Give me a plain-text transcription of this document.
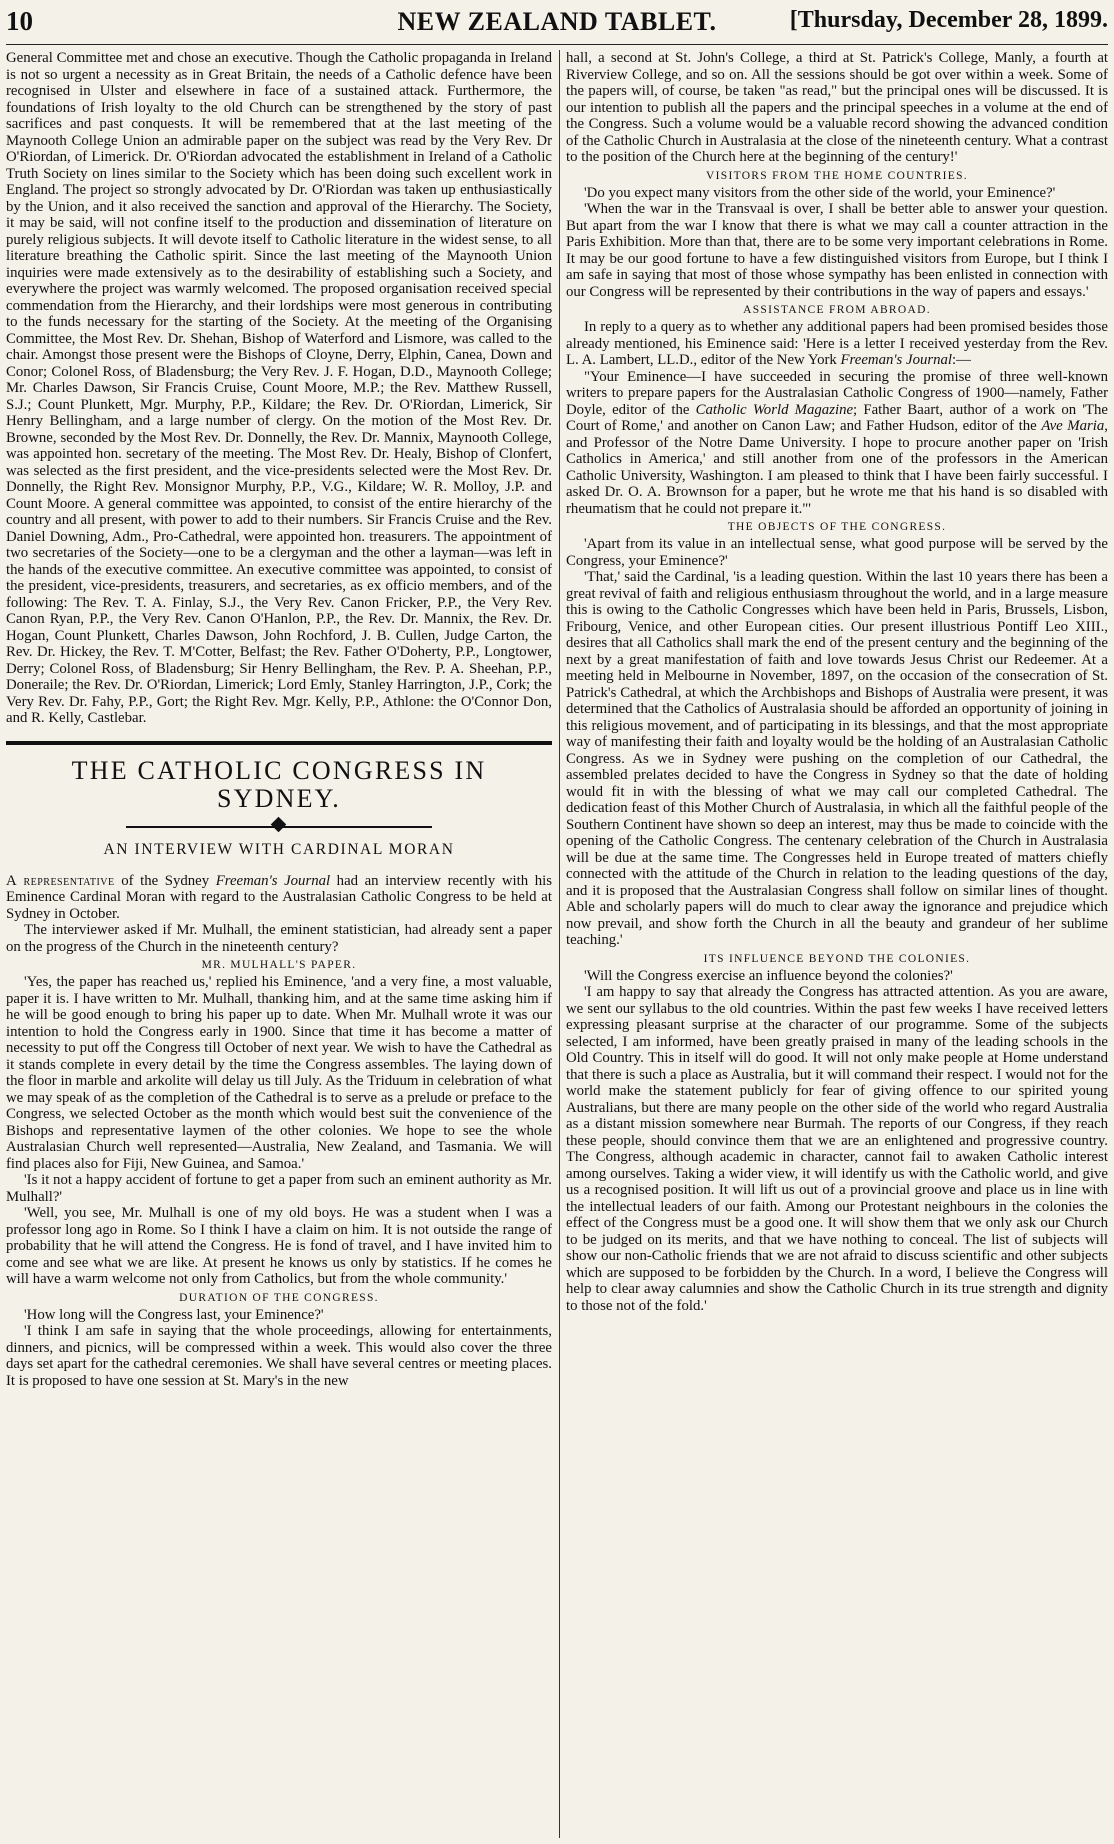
10	NEW ZEALAND TABLET.	[Thursday, December 28, 1899.

General Committee met and chose an executive. Though the Catholic propaganda in Ireland is not so urgent a necessity as in Great Britain, the needs of a Catholic defence have been recognised in Ulster and elsewhere in face of a sustained attack. Furthermore, the foundations of Irish loyalty to the old Church can be strengthened by the story of past sacrifices and past conquests. It will be remembered that at the last meeting of the Maynooth College Union an admirable paper on the subject was read by the Very Rev. Dr O'Riordan, of Limerick. Dr. O'Riordan advocated the establishment in Ireland of a Catholic Truth Society on lines similar to the Society which has been doing such excellent work in England. The project so strongly advocated by Dr. O'Riordan was taken up enthusiastically by the Union, and it also received the sanction and approval of the Hierarchy. The Society, it may be said, will not confine itself to the production and dissemination of literature on purely religious subjects. It will devote itself to Catholic literature in the widest sense, to all literature breathing the Catholic spirit. Since the last meeting of the Maynooth Union inquiries were made extensively as to the desirability of establishing such a Society, and everywhere the project was warmly welcomed. The proposed organisation received special commendation from the Hierarchy, and their lordships were most generous in contributing to the funds necessary for the starting of the Society. At the meeting of the Organising Committee, the Most Rev. Dr. Shehan, Bishop of Waterford and Lismore, was called to the chair. Amongst those present were the Bishops of Cloyne, Derry, Elphin, Canea, Down and Conor; Colonel Ross, of Bladensburg; the Very Rev. J. F. Hogan, D.D., Maynooth College; Mr. Charles Dawson, Sir Francis Cruise, Count Moore, M.P.; the Rev. Matthew Russell, S.J.; Count Plunkett, Mgr. Murphy, P.P., Kildare; the Rev. Dr. O'Riordan, Limerick, Sir Henry Bellingham, and a large number of clergy. On the motion of the Most Rev. Dr. Browne, seconded by the Most Rev. Dr. Donnelly, the Rev. Dr. Mannix, Maynooth College, was appointed hon. secretary of the meeting. The Most Rev. Dr. Healy, Bishop of Clonfert, was selected as the first president, and the vice-presidents selected were the Most Rev. Dr. Donnelly, the Right Rev. Monsignor Murphy, P.P., V.G., Kildare; W. R. Molloy, J.P. and Count Moore. A general committee was appointed, to consist of the entire hierarchy of the country and all present, with power to add to their numbers. Sir Francis Cruise and the Rev. Daniel Downing, Adm., Pro-Cathedral, were appointed hon. treasurers. The appointment of two secretaries of the Society—one to be a clergyman and the other a layman—was left in the hands of the executive committee. An executive committee was appointed, to consist of the president, vice-presidents, treasurers, and secretaries, as ex officio members, and of the following: The Rev. T. A. Finlay, S.J., the Very Rev. Canon Fricker, P.P., the Very Rev. Canon Ryan, P.P., the Very Rev. Canon O'Hanlon, P.P., the Rev. Dr. Mannix, the Rev. Dr. Hogan, Count Plunkett, Charles Dawson, John Rochford, J. B. Cullen, Judge Carton, the Rev. Dr. Hickey, the Rev. T. M'Cotter, Belfast; the Rev. Father O'Doherty, P.P., Longtower, Derry; Colonel Ross, of Bladensburg; Sir Henry Bellingham, the Rev. P. A. Sheehan, P.P., Doneraile; the Rev. Dr. O'Riordan, Limerick; Lord Emly, Stanley Harrington, J.P., Cork; the Very Rev. Dr. Fahy, P.P., Gort; the Right Rev. Mgr. Kelly, P.P., Athlone: the O'Connor Don, and R. Kelly, Castlebar.

THE CATHOLIC CONGRESS IN SYDNEY.
AN INTERVIEW WITH CARDINAL MORAN

A representative of the Sydney Freeman's Journal had an interview recently with his Eminence Cardinal Moran with regard to the Australasian Catholic Congress to be held at Sydney in October.

The interviewer asked if Mr. Mulhall, the eminent statistician, had already sent a paper on the progress of the Church in the nineteenth century?

MR. MULHALL'S PAPER.

'Yes, the paper has reached us,' replied his Eminence, 'and a very fine, a most valuable, paper it is. I have written to Mr. Mulhall, thanking him, and at the same time asking him if he will be good enough to bring his paper up to date. When Mr. Mulhall wrote it was our intention to hold the Congress early in 1900. Since that time it has become a matter of necessity to put off the Congress till October of next year. We wish to have the Cathedral as it stands complete in every detail by the time the Congress assembles. The laying down of the floor in marble and arkolite will delay us till July. As the Triduum in celebration of what we may speak of as the completion of the Cathedral is to serve as a prelude or preface to the Congress, we selected October as the month which would best suit the convenience of the Bishops and representative laymen of the other colonies. We hope to see the whole Australasian Church well represented—Australia, New Zealand, and Tasmania. We will find places also for Fiji, New Guinea, and Samoa.'

'Is it not a happy accident of fortune to get a paper from such an eminent authority as Mr. Mulhall?'

'Well, you see, Mr. Mulhall is one of my old boys. He was a student when I was a professor long ago in Rome. So I think I have a claim on him. It is not outside the range of probability that he will attend the Congress. He is fond of travel, and I have invited him to come and see what we are like. At present he knows us only by statistics. If he comes he will have a warm welcome not only from Catholics, but from the whole community.'

DURATION OF THE CONGRESS.

'How long will the Congress last, your Eminence?'

'I think I am safe in saying that the whole proceedings, allowing for entertainments, dinners, and picnics, will be compressed within a week. This would also cover the three days set apart for the cathedral ceremonies. We shall have several centres or meeting places. It is proposed to have one session at St. Mary's in the new

hall, a second at St. John's College, a third at St. Patrick's College, Manly, a fourth at Riverview College, and so on. All the sessions should be got over within a week. Some of the papers will, of course, be taken "as read," but the principal ones will be discussed. It is our intention to publish all the papers and the principal speeches in a volume at the end of the Congress. Such a volume would be a valuable record showing the advanced condition of the Catholic Church in Australasia at the close of the nineteenth century. What a contrast to the position of the Church here at the beginning of the century!'

VISITORS FROM THE HOME COUNTRIES.

'Do you expect many visitors from the other side of the world, your Eminence?'

'When the war in the Transvaal is over, I shall be better able to answer your question. But apart from the war I know that there is what we may call a counter attraction in the Paris Exhibition. More than that, there are to be some very important celebrations in Rome. It may be our good fortune to have a few distinguished visitors from Europe, but I think I am safe in saying that most of those whose sympathy has been enlisted in connection with our Congress will be represented by their contributions in the way of papers and essays.'

ASSISTANCE FROM ABROAD.

In reply to a query as to whether any additional papers had been promised besides those already mentioned, his Eminence said: 'Here is a letter I received yesterday from the Rev. L. A. Lambert, LL.D., editor of the New York Freeman's Journal:—

"Your Eminence—I have succeeded in securing the promise of three well-known writers to prepare papers for the Australasian Catholic Congress of 1900—namely, Father Doyle, editor of the Catholic World Magazine; Father Baart, author of a work on 'The Court of Rome,' and another on Canon Law; and Father Hudson, editor of the Ave Maria, and Professor of the Notre Dame University. I hope to procure another paper on 'Irish Catholics in America,' and still another from one of the professors in the American Catholic University, Washington. I am pleased to think that I have been fairly successful. I asked Dr. O. A. Brownson for a paper, but he wrote me that his hand is so disabled with rheumatism that he could not prepare it."'

THE OBJECTS OF THE CONGRESS.

'Apart from its value in an intellectual sense, what good purpose will be served by the Congress, your Eminence?'

'That,' said the Cardinal, 'is a leading question. Within the last 10 years there has been a great revival of faith and religious enthusiasm throughout the world, and in a large measure this is owing to the Catholic Congresses which have been held in Paris, Brussels, Lisbon, Fribourg, Venice, and other European cities. Our present illustrious Pontiff Leo XIII., desires that all Catholics shall mark the end of the present century and the beginning of the next by a great manifestation of faith and love towards Jesus Christ our Redeemer. At a meeting held in Melbourne in November, 1897, on the occasion of the consecration of St. Patrick's Cathedral, at which the Archbishops and Bishops of Australia were present, it was determined that the Catholics of Australasia should be afforded an opportunity of joining in this religious movement, and of participating in its blessings, and that the most appropriate way of manifesting their faith and loyalty would be the holding of an Australasian Catholic Congress. As we in Sydney were pushing on the completion of our Cathedral, the assembled prelates decided to have the Congress in Sydney so that the date of holding would fit in with the blessing of what we may call our completed Cathedral. The dedication feast of this Mother Church of Australasia, in which all the faithful people of the Southern Continent have shown so deep an interest, may thus be made to coincide with the opening of the Catholic Congress. The centenary celebration of the Church in Australasia will be due at the same time. The Congresses held in Europe treated of matters chiefly connected with the attitude of the Church in relation to the leading questions of the day, and it is proposed that the Australasian Congress shall follow on similar lines of thought. Able and scholarly papers will do much to clear away the ignorance and prejudice which now prevail, and show forth the Church in all the beauty and grandeur of her sublime teaching.'

ITS INFLUENCE BEYOND THE COLONIES.

'Will the Congress exercise an influence beyond the colonies?'

'I am happy to say that already the Congress has attracted attention. As you are aware, we sent our syllabus to the old countries. Within the past few weeks I have received letters expressing pleasant surprise at the character of our programme. Some of the subjects selected, I am informed, have been greatly praised in many of the leading schools in the Old Country. This in itself will do good. It will not only make people at Home understand that there is such a place as Australia, but it will command their respect. I would not for the world make the statement publicly for fear of giving offence to our spirited young Australians, but there are many people on the other side of the world who regard Australia as a distant mission somewhere near Burmah. The reports of our Congress, if they reach these people, should convince them that we are an enlightened and progressive country. The Congress, although academic in character, cannot fail to awaken Catholic interest among ourselves. Taking a wider view, it will identify us with the Catholic world, and give us a recognised position. It will lift us out of a provincial groove and place us in line with the intellectual leaders of our faith. Among our Protestant neighbours in the colonies the effect of the Congress must be a good one. It will show them that we only ask our Church to be judged on its merits, and that we have nothing to conceal. The list of subjects will show our non-Catholic friends that we are not afraid to discuss scientific and other subjects which are supposed to be forbidden by the Church. In a word, I believe the Congress will help to clear away calumnies and show the Catholic Church in its true strength and dignity to those not of the fold.'
